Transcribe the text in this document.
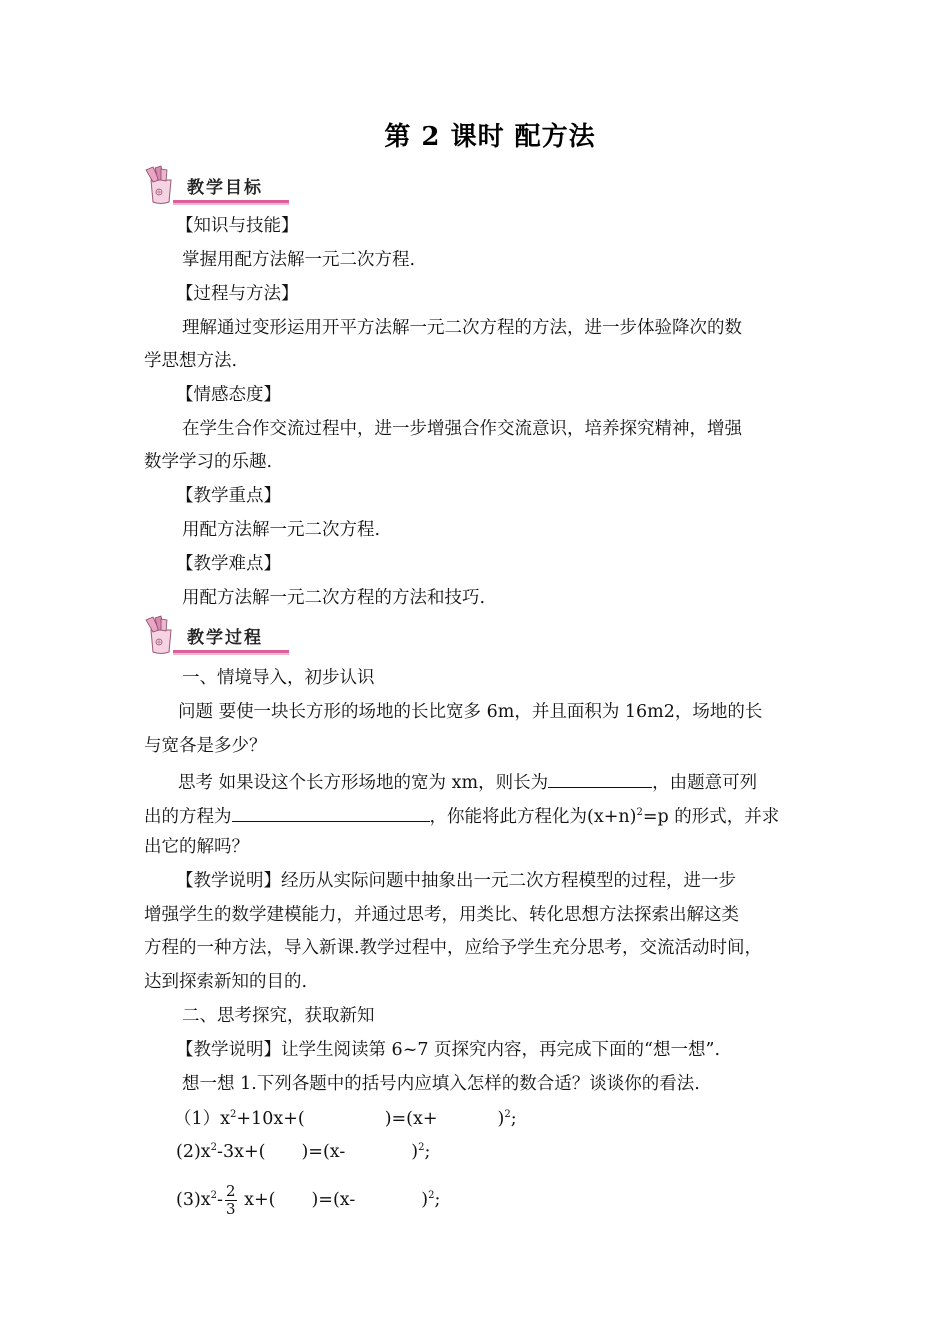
第 2 课时 配方法
教学目标
【知识与技能】
掌握用配方法解一元二次方程.
【过程与方法】
理解通过变形运用开平方法解一元二次方程的方法，进一步体验降次的数
学思想方法.
【情感态度】
在学生合作交流过程中，进一步增强合作交流意识，培养探究精神，增强
数学学习的乐趣.
【教学重点】
用配方法解一元二次方程.
【教学难点】
用配方法解一元二次方程的方法和技巧.
教学过程
一、情境导入，初步认识
问题 要使一块长方形的场地的长比宽多 6m，并且面积为 16m2，场地的长
与宽各是多少？
思考 如果设这个长方形场地的宽为 xm，则长为	，由题意可列
出的方程为	，你能将此方程化为$(x+n)^2=p$ 的形式，并求
出它的解吗？
【教学说明】经历从实际问题中抽象出一元二次方程模型的过程，进一步
增强学生的数学建模能力，并通过思考，用类比、转化思想方法探索出解这类
方程的一种方法，导入新课.教学过程中，应给予学生充分思考，交流活动时间，
达到探索新知的目的.
二、思考探究，获取新知
【教学说明】让学生阅读第 6~7 页探究内容，再完成下面的“想一想”.
想一想 1.下列各题中的括号内应填入怎样的数合适？谈谈你的看法.
$(1)x^2+10x+$(	)=(x+	)$^2$;
$(2)x^2-3x+$( )=(x-	)$^2$;
$(3)x^2- \frac{2}{3} x+$( )=(x-	)$^2$;
